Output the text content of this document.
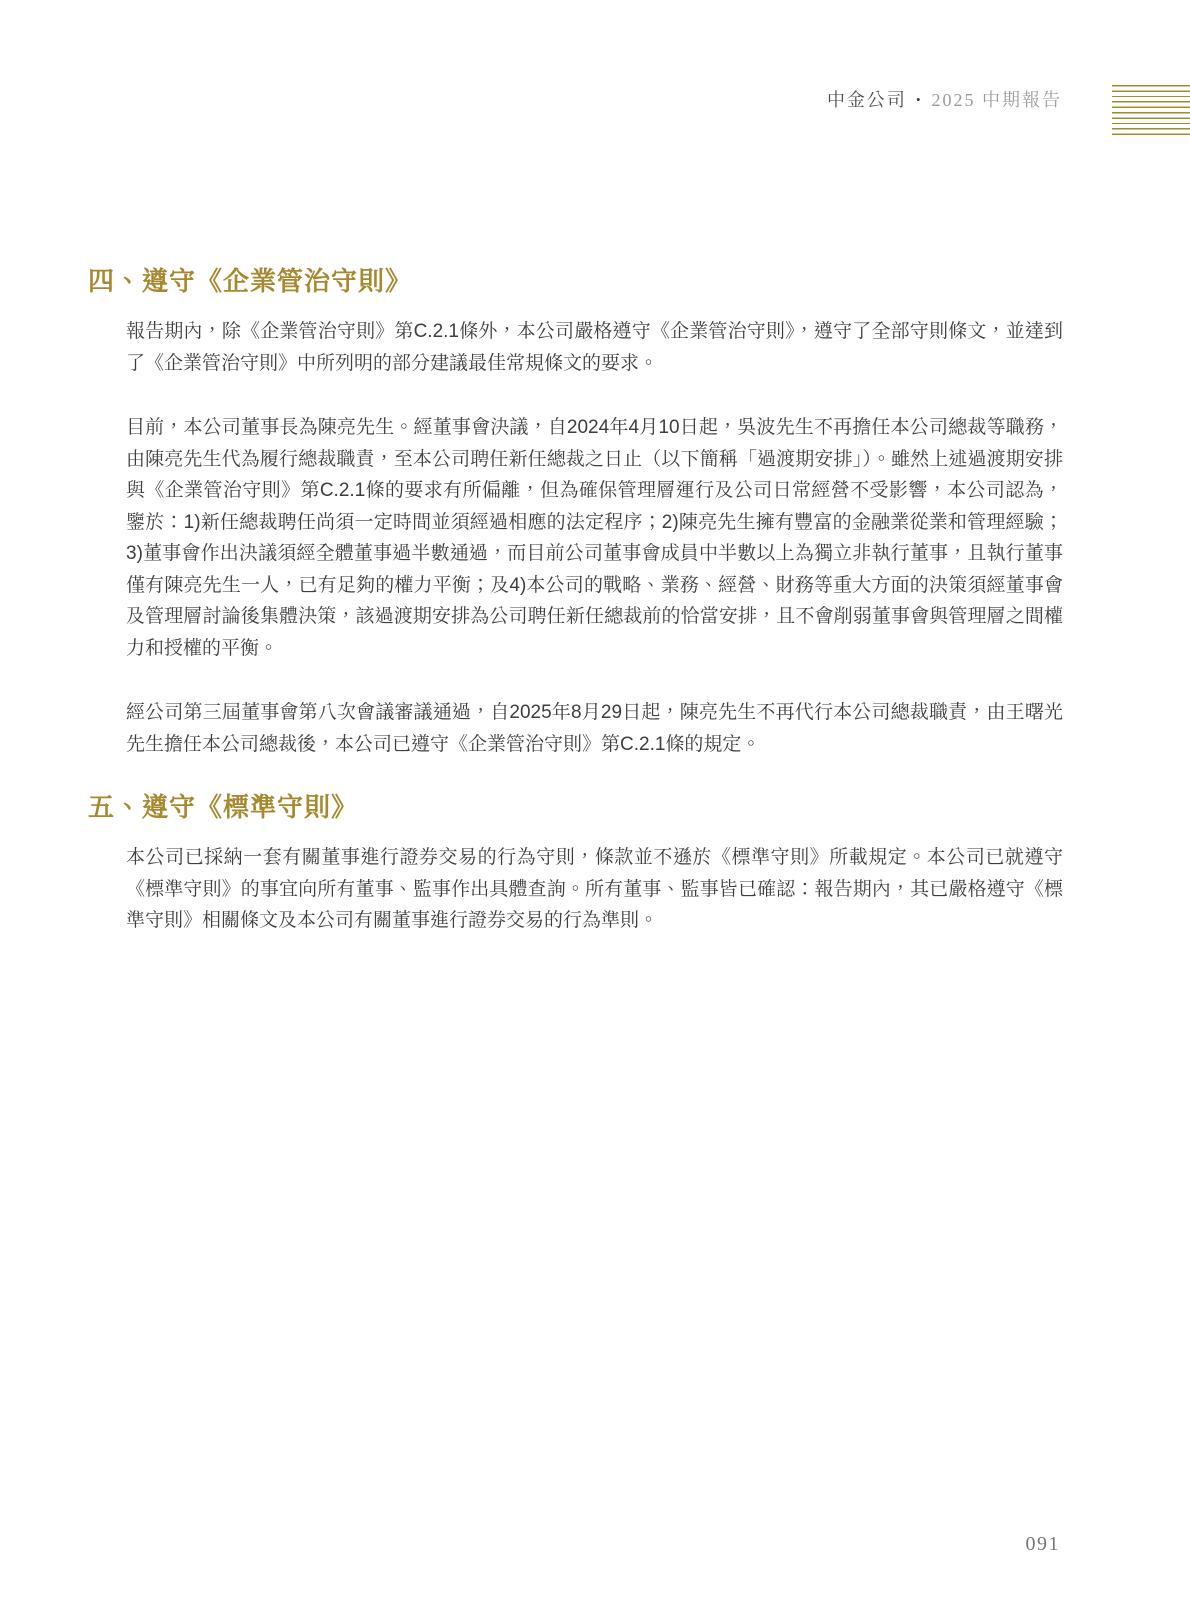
中金公司 • 2025 中期報告
四、遵守《企業管治守則》

報告期內，除《企業管治守則》第C.2.1條外，本公司嚴格遵守《企業管治守則》，遵守了全部守則條文，並達到了《企業管治守則》中所列明的部分建議最佳常規條文的要求。

目前，本公司董事長為陳亮先生。經董事會決議，自2024年4月10日起，吳波先生不再擔任本公司總裁等職務，由陳亮先生代為履行總裁職責，至本公司聘任新任總裁之日止（以下簡稱「過渡期安排」）。雖然上述過渡期安排與《企業管治守則》第C.2.1條的要求有所偏離，但為確保管理層運行及公司日常經營不受影響，本公司認為，鑒於：1)新任總裁聘任尚須一定時間並須經過相應的法定程序；2)陳亮先生擁有豐富的金融業從業和管理經驗；3)董事會作出決議須經全體董事過半數通過，而目前公司董事會成員中半數以上為獨立非執行董事，且執行董事僅有陳亮先生一人，已有足夠的權力平衡；及4)本公司的戰略、業務、經營、財務等重大方面的決策須經董事會及管理層討論後集體決策，該過渡期安排為公司聘任新任總裁前的恰當安排，且不會削弱董事會與管理層之間權力和授權的平衡。

經公司第三屆董事會第八次會議審議通過，自2025年8月29日起，陳亮先生不再代行本公司總裁職責，由王曙光先生擔任本公司總裁後，本公司已遵守《企業管治守則》第C.2.1條的規定。

五、遵守《標準守則》

本公司已採納一套有關董事進行證券交易的行為守則，條款並不遜於《標準守則》所載規定。本公司已就遵守《標準守則》的事宜向所有董事、監事作出具體查詢。所有董事、監事皆已確認：報告期內，其已嚴格遵守《標準守則》相關條文及本公司有關董事進行證券交易的行為準則。

091
